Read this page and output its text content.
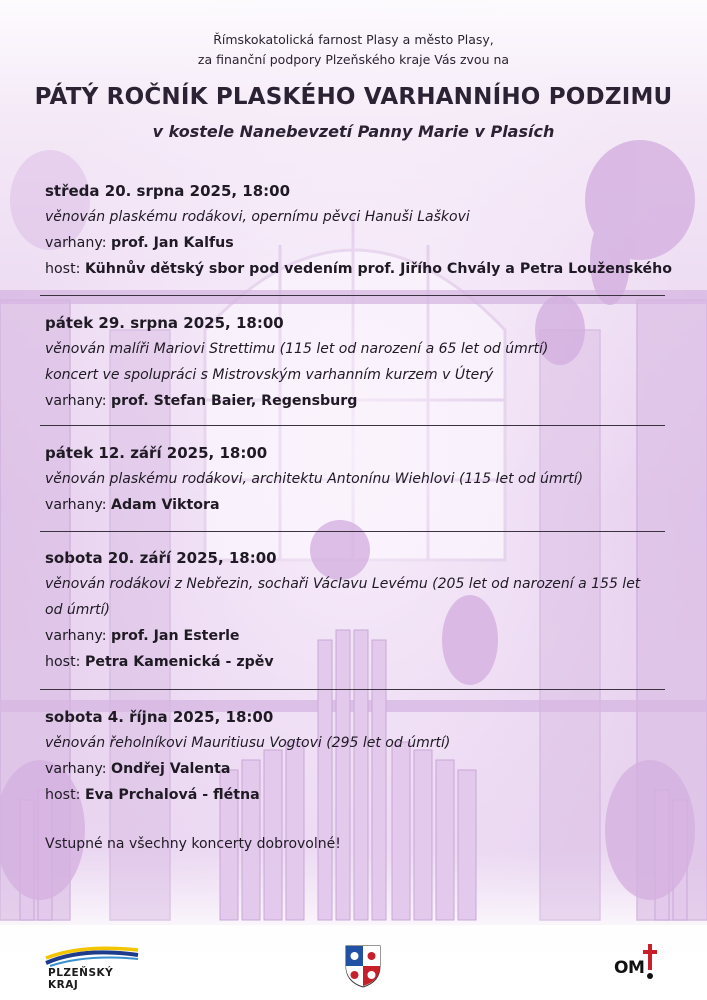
Římskokatolická farnost Plasy a město Plasy,
za finanční podpory Plzeňského kraje Vás zvou na
PÁTÝ ROČNÍK PLASKÉHO VARHANNÍHO PODZIMU
v kostele Nanebevzetí Panny Marie v Plasích
středa 20. srpna 2025, 18:00
věnován plaskému rodákovi, opernímu pěvci Hanuši Laškovi
varhany: prof. Jan Kalfus
host: Kühnův dětský sbor pod vedením prof. Jiřího Chvály a Petra Louženského
pátek 29. srpna 2025, 18:00
věnován malíři Mariovi Strettimu (115 let od narození a 65 let od úmrtí)
koncert ve spolupráci s Mistrovským varhanním kurzem v Úterý
varhany: prof. Stefan Baier, Regensburg
pátek 12. září 2025, 18:00
věnován plaskému rodákovi, architektu Antonínu Wiehlovi (115 let od úmrtí)
varhany: Adam Viktora
sobota 20. září 2025, 18:00
věnován rodákovi z Nebřezin, sochaři Václavu Levému (205 let od narození a 155 let
od úmrtí)
varhany: prof. Jan Esterle
host: Petra Kamenická - zpěv
sobota 4. října 2025, 18:00
věnován řeholníkovi Mauritiusu Vogtovi (295 let od úmrtí)
varhany: Ondřej Valenta
host: Eva Prchalová - flétna
Vstupné na všechny koncerty dobrovolné!
PLZEŇSKÝ KRAJ
OM
